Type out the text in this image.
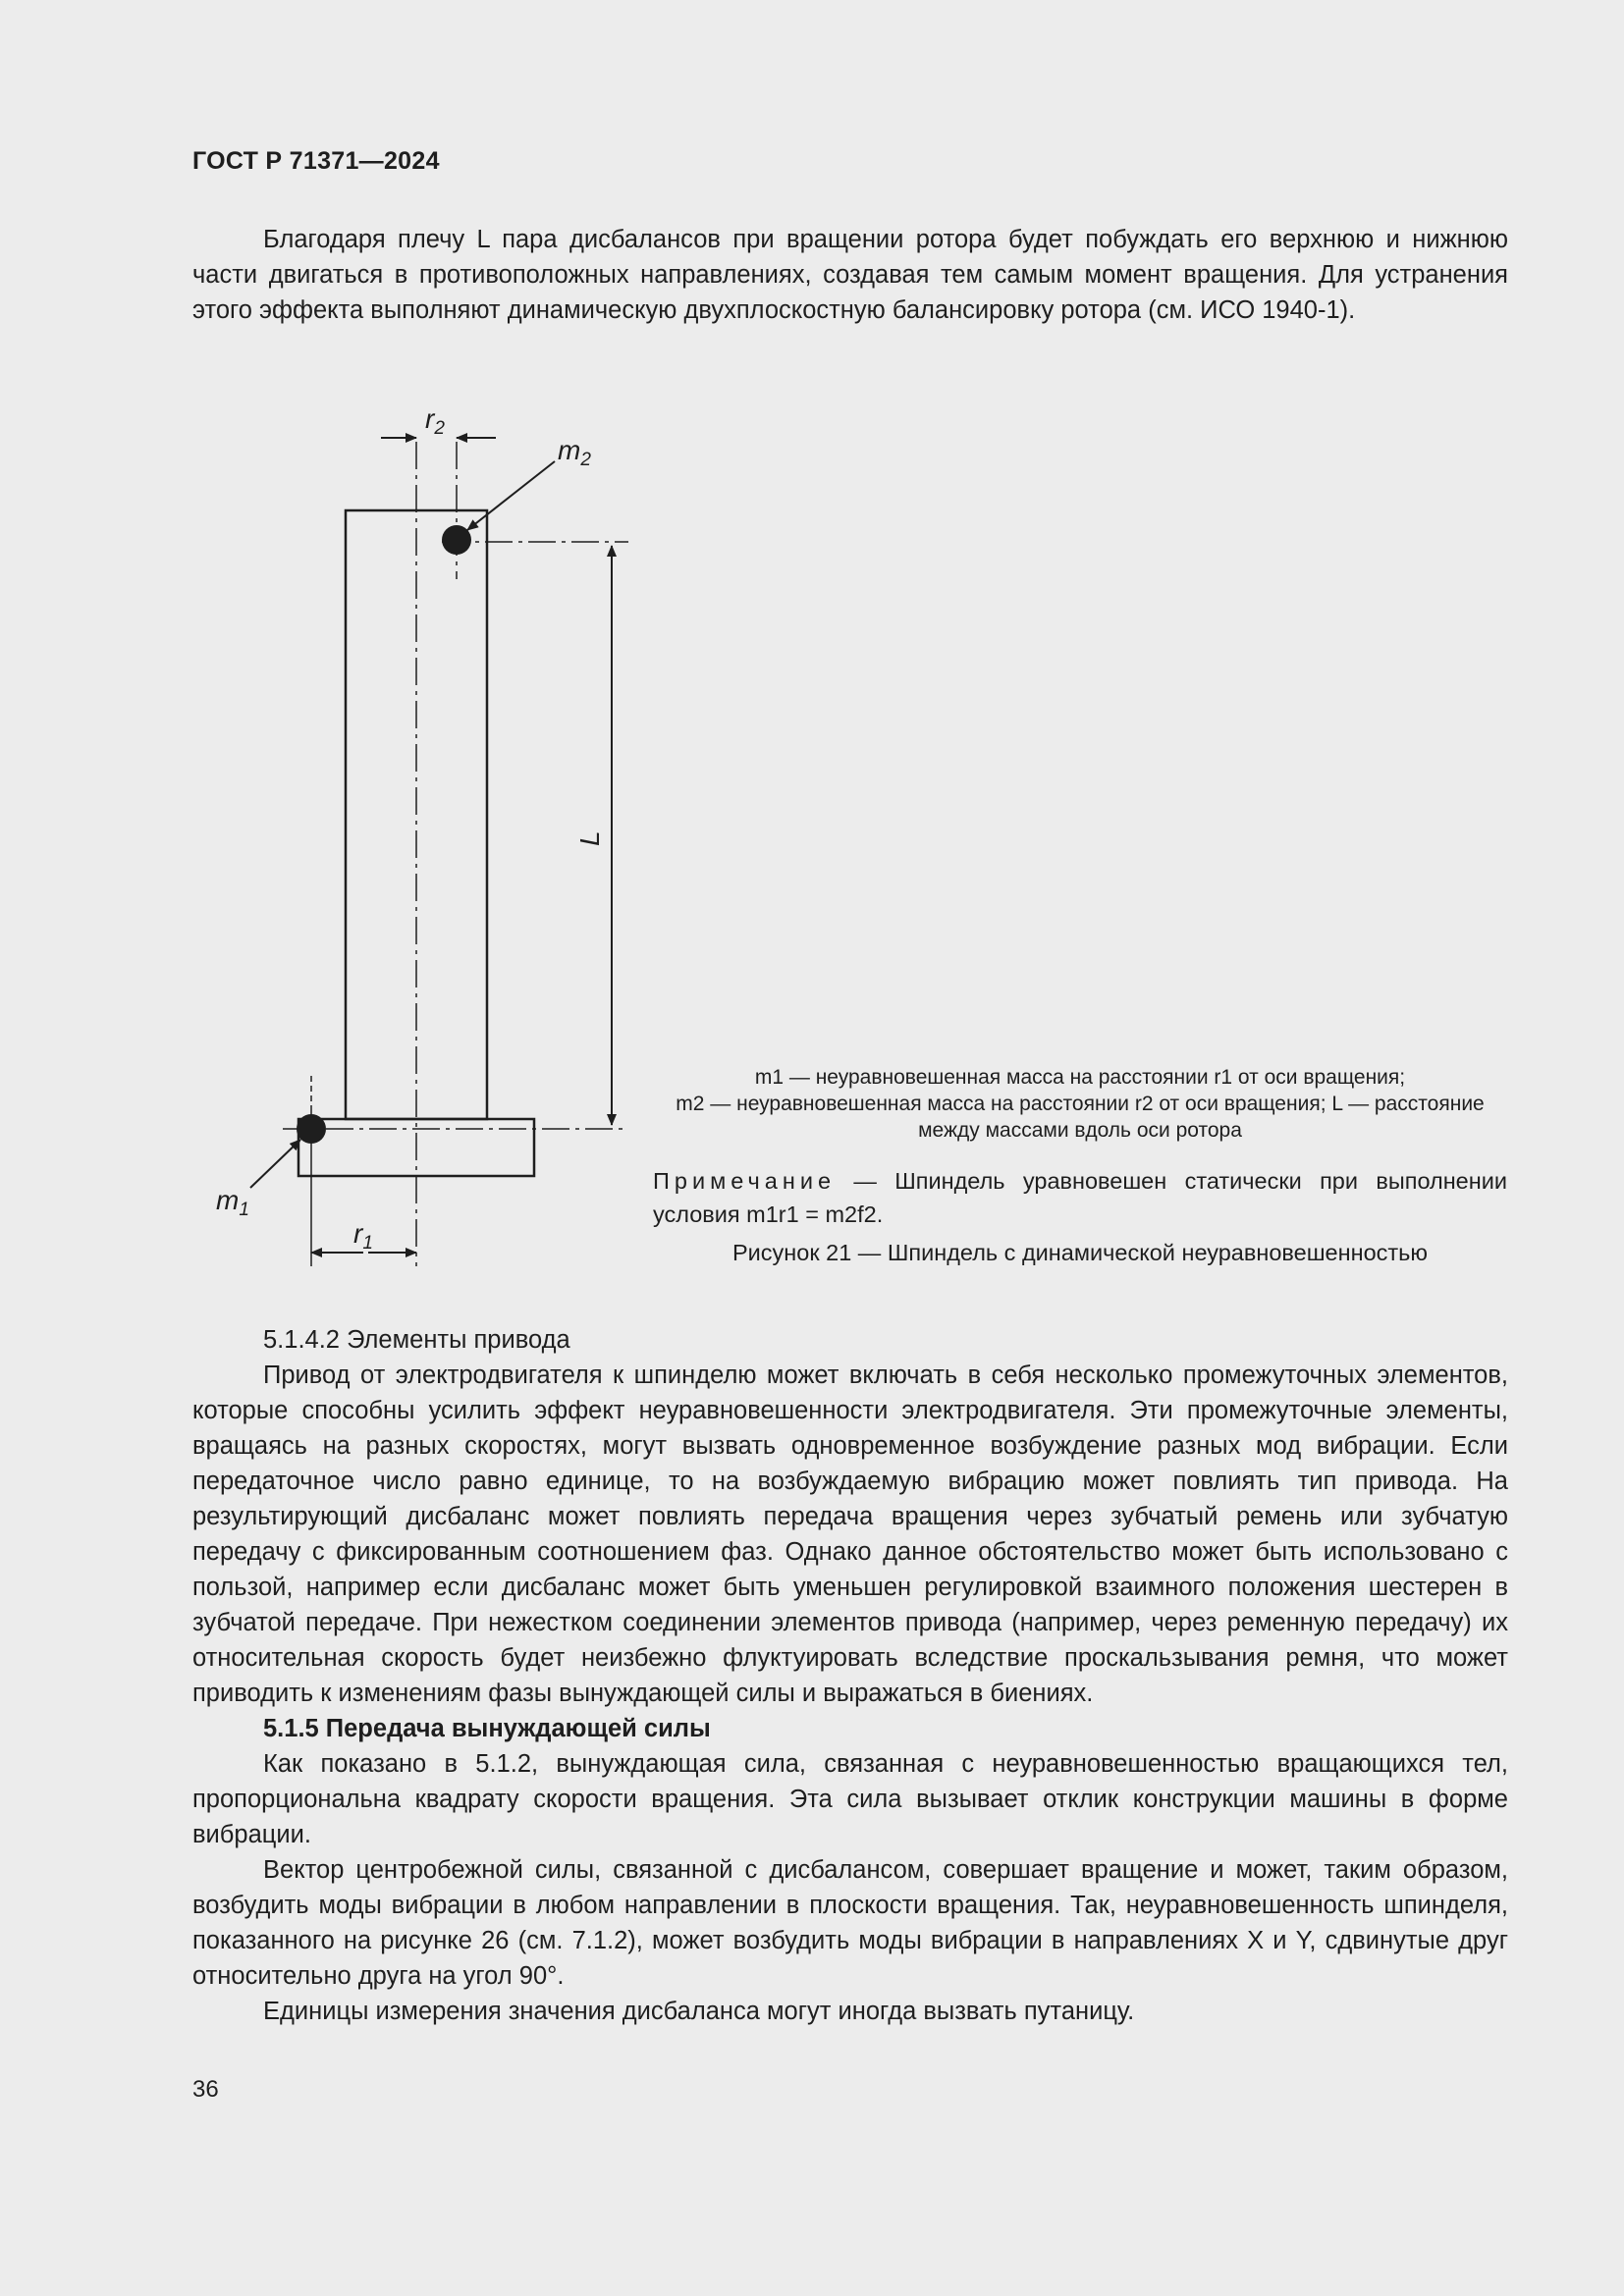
ГОСТ Р 71371—2024

Благодаря плечу L пара дисбалансов при вращении ротора будет побуждать его верхнюю и нижнюю части двигаться в противоположных направлениях, создавая тем самым момент вращения. Для устранения этого эффекта выполняют динамическую двухплоскостную балансировку ротора (см. ИСО 1940-1).

$r_2$
$m_2$
L
$m_1$
$r_1$
m1 — неуравновешенная масса на расстоянии r1 от оси вращения;
m2 — неуравновешенная масса на расстоянии r2 от оси вращения; L — расстояние
между массами вдоль оси ротора
Примечание — Шпиндель уравновешен статически при выполнении условия m1r1 = m2f2.
Рисунок 21 — Шпиндель с динамической неуравновешенностью

5.1.4.2 Элементы привода

Привод от электродвигателя к шпинделю может включать в себя несколько промежуточных элементов, которые способны усилить эффект неуравновешенности электродвигателя. Эти промежуточные элементы, вращаясь на разных скоростях, могут вызвать одновременное возбуждение разных мод вибрации. Если передаточное число равно единице, то на возбуждаемую вибрацию может повлиять тип привода. На результирующий дисбаланс может повлиять передача вращения через зубчатый ремень или зубчатую передачу с фиксированным соотношением фаз. Однако данное обстоятельство может быть использовано с пользой, например если дисбаланс может быть уменьшен регулировкой взаимного положения шестерен в зубчатой передаче. При нежестком соединении элементов привода (например, через ременную передачу) их относительная скорость будет неизбежно флуктуировать вследствие проскальзывания ремня, что может приводить к изменениям фазы вынуждающей силы и выражаться в биениях.

5.1.5 Передача вынуждающей силы

Как показано в 5.1.2, вынуждающая сила, связанная с неуравновешенностью вращающихся тел, пропорциональна квадрату скорости вращения. Эта сила вызывает отклик конструкции машины в форме вибрации.

Вектор центробежной силы, связанной с дисбалансом, совершает вращение и может, таким образом, возбудить моды вибрации в любом направлении в плоскости вращения. Так, неуравновешенность шпинделя, показанного на рисунке 26 (см. 7.1.2), может возбудить моды вибрации в направлениях X и Y, сдвинутые друг относительно друга на угол 90°.

Единицы измерения значения дисбаланса могут иногда вызвать путаницу.

36
